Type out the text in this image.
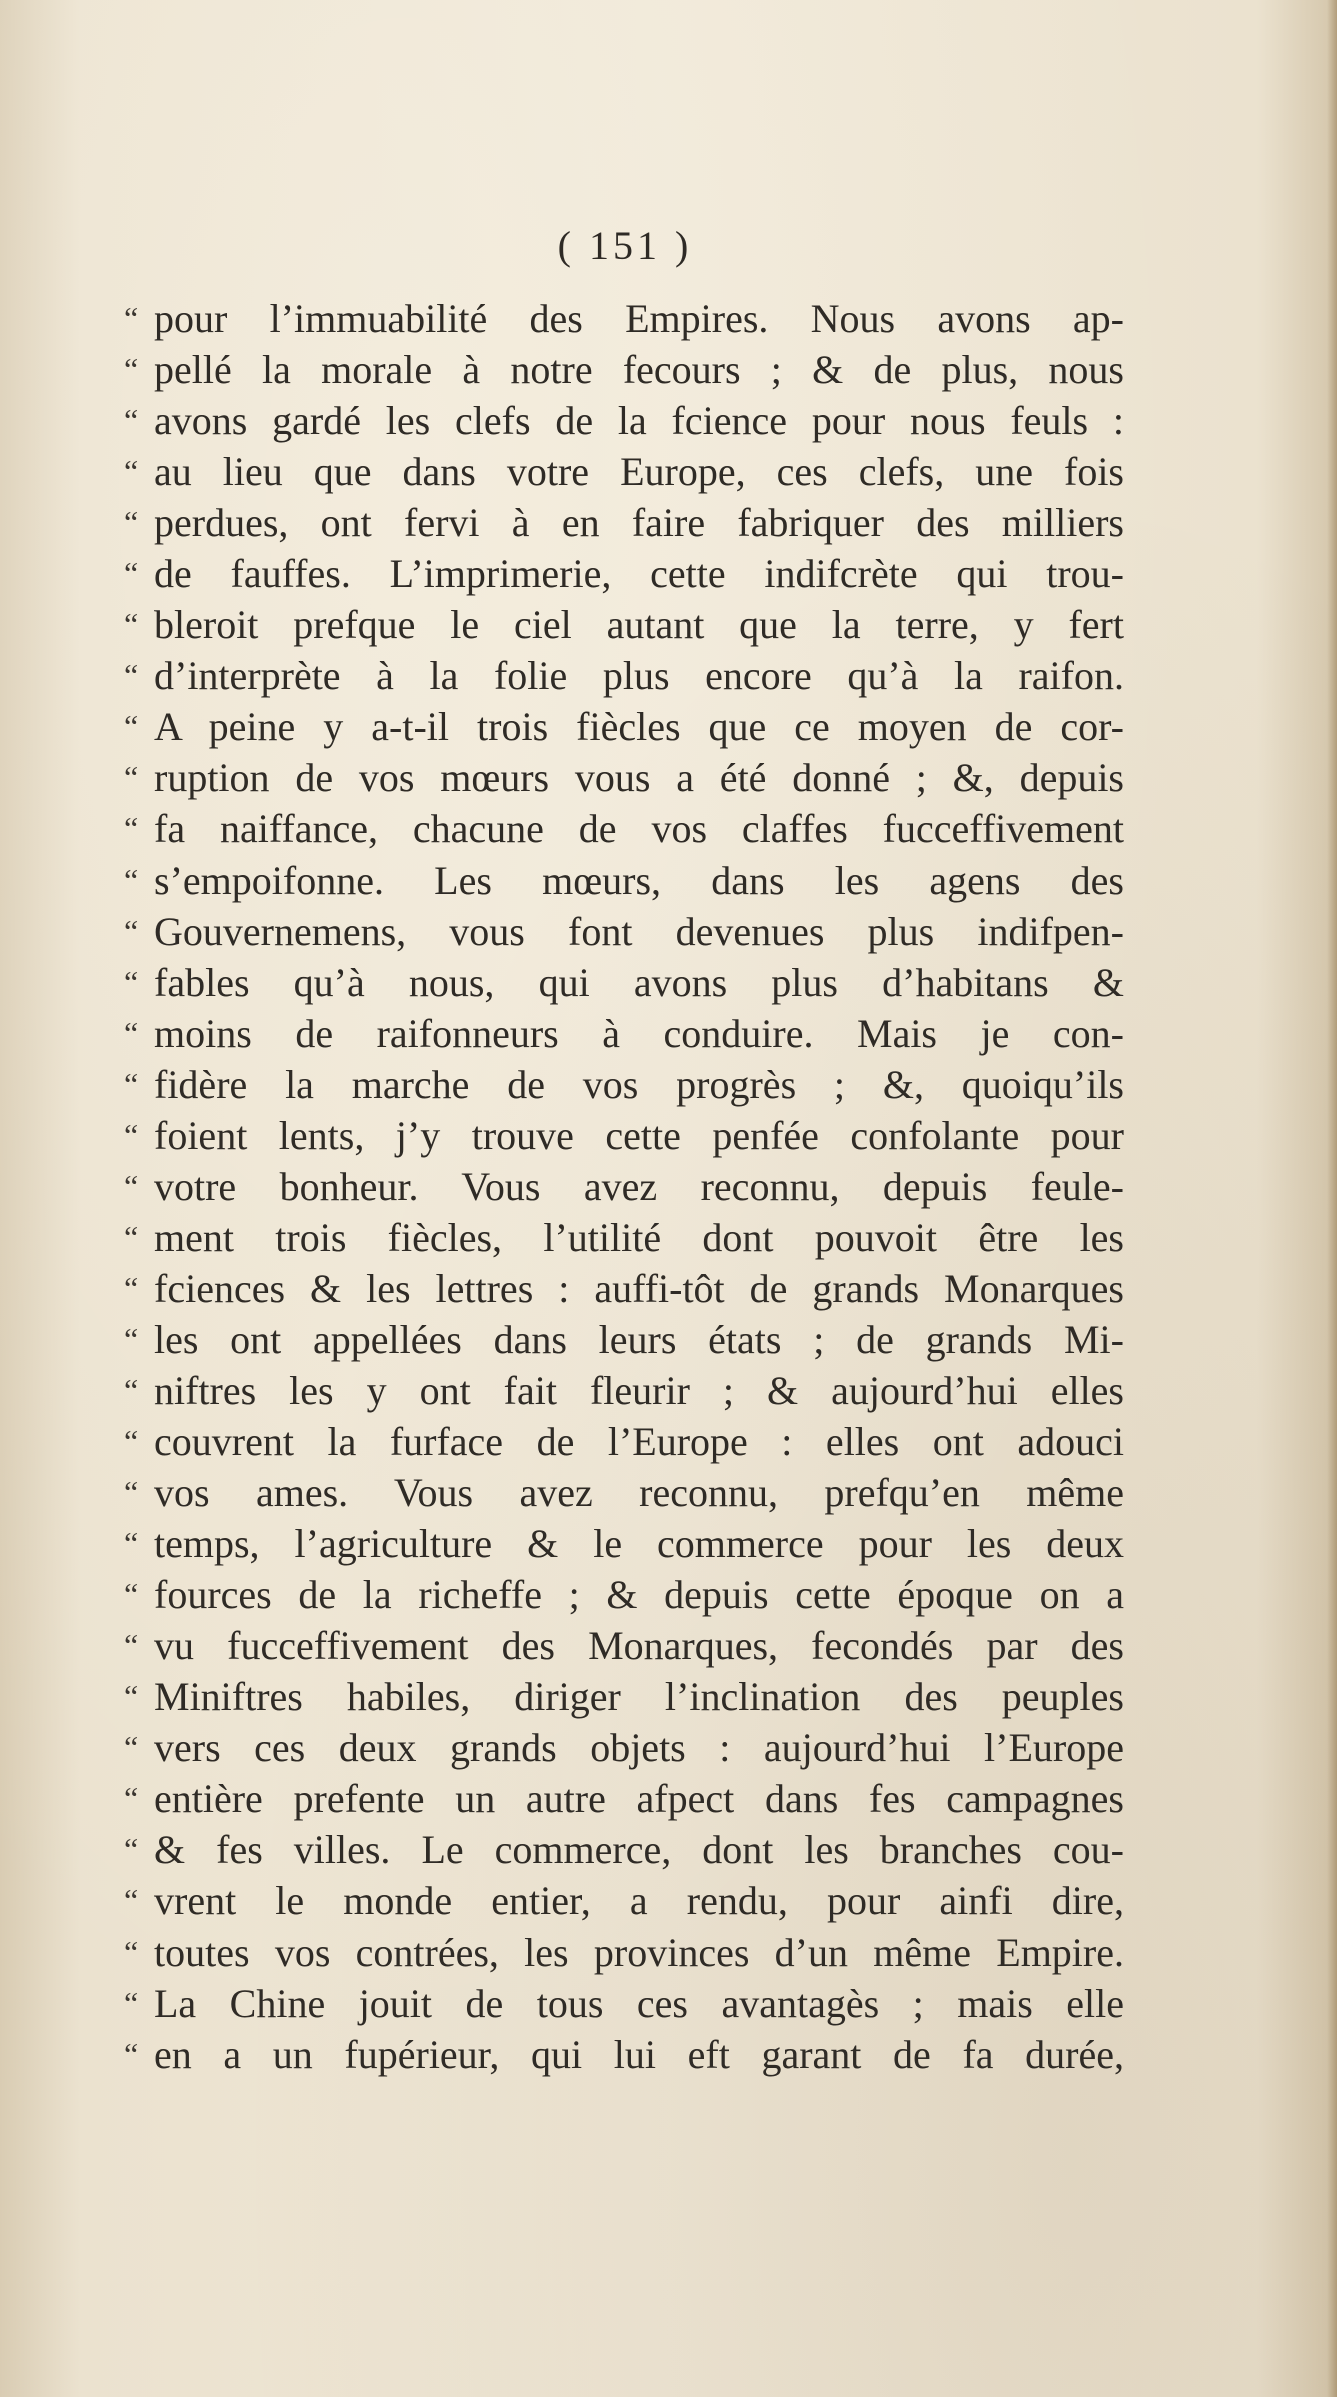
( 151 )
“ pour l’immuabilité des Empires. Nous avons ap-
“ pellé la morale à notre fecours ; & de plus, nous
“ avons gardé les clefs de la fcience pour nous feuls :
“ au lieu que dans votre Europe, ces clefs, une fois
“ perdues, ont fervi à en faire fabriquer des milliers
“ de fauffes. L’imprimerie, cette indifcrète qui trou-
“ bleroit prefque le ciel autant que la terre, y fert
“ d’interprète à la folie plus encore qu’à la raifon.
“ A peine y a-t-il trois fiècles que ce moyen de cor-
“ ruption de vos mœurs vous a été donné ; &, depuis
“ fa naiffance, chacune de vos claffes fucceffivement
“ s’empoifonne. Les mœurs, dans les agens des
“ Gouvernemens, vous font devenues plus indifpen-
“ fables qu’à nous, qui avons plus d’habitans &
“ moins de raifonneurs à conduire. Mais je con-
“ fidère la marche de vos progrès ; &, quoiqu’ils
“ foient lents, j’y trouve cette penfée confolante pour
“ votre bonheur. Vous avez reconnu, depuis feule-
“ ment trois fiècles, l’utilité dont pouvoit être les
“ fciences & les lettres : auffi-tôt de grands Monarques
“ les ont appellées dans leurs états ; de grands Mi-
“ niftres les y ont fait fleurir ; & aujourd’hui elles
“ couvrent la furface de l’Europe : elles ont adouci
“ vos ames. Vous avez reconnu, prefqu’en même
“ temps, l’agriculture & le commerce pour les deux
“ fources de la richeffe ; & depuis cette époque on a
“ vu fucceffivement des Monarques, fecondés par des
“ Miniftres habiles, diriger l’inclination des peuples
“ vers ces deux grands objets : aujourd’hui l’Europe
“ entière prefente un autre afpect dans fes campagnes
“ & fes villes. Le commerce, dont les branches cou-
“ vrent le monde entier, a rendu, pour ainfi dire,
“ toutes vos contrées, les provinces d’un même Empire.
“ La Chine jouit de tous ces avantagès ; mais elle
“ en a un fupérieur, qui lui eft garant de fa durée,
